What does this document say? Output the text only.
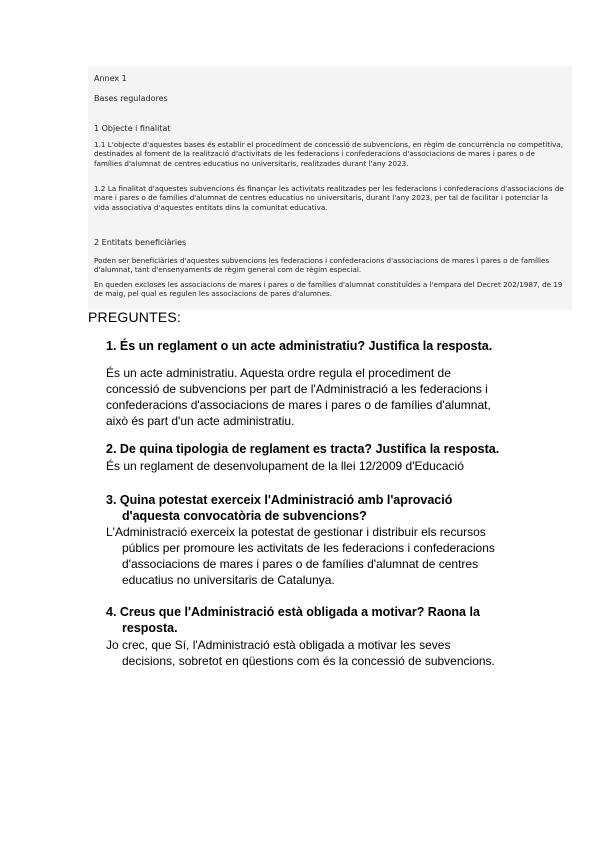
Annex 1
Bases reguladores
1 Objecte i finalitat

1.1 L'objecte d'aquestes bases és establir el procediment de concessió de subvencions, en règim de concurrència no competitiva, destinades al foment de la realització d'activitats de les federacions i confederacions d'associacions de mares i pares o de famílies d'alumnat de centres educatius no universitaris, realitzades durant l'any 2023.

1.2 La finalitat d'aquestes subvencions és finançar les activitats realitzades per les federacions i confederacions d'associacions de mare i pares o de famílies d'alumnat de centres educatius no universitaris, durant l'any 2023, per tal de facilitar i potenciar la vida associativa d'aquestes entitats dins la comunitat educativa.

2 Entitats beneficiàries

Poden ser beneficiàries d'aquestes subvencions les federacions i confederacions d'associacions de mares i pares o de famílies d'alumnat, tant d'ensenyaments de règim general com de règim especial.

En queden excloses les associacions de mares i pares o de famílies d'alumnat constituïdes a l'empara del Decret 202/1987, de 19 de maig, pel qual es regulen les associacions de pares d'alumnes.

PREGUNTES:
1. És un reglament o un acte administratiu? Justifica la resposta.
És un acte administratiu. Aquesta ordre regula el procediment de concessió de subvencions per part de l'Administració a les federacions i confederacions d'associacions de mares i pares o de famílies d'alumnat, això és part d'un acte administratiu.
2. De quina tipologia de reglament es tracta? Justifica la resposta.
És un reglament de desenvolupament de la llei 12/2009 d'Educació
3. Quina potestat exerceix l'Administració amb l'aprovació
d'aquesta convocatòria de subvencions?
L'Administració exerceix la potestat de gestionar i distribuir els recursos
públics per promoure les activitats de les federacions i confederacions d'associacions de mares i pares o de famílies d'alumnat de centres educatius no universitaris de Catalunya.
4. Creus que l'Administració està obligada a motivar? Raona la
resposta.
Jo crec, que Sí, l'Administració està obligada a motivar les seves
decisions, sobretot en qüestions com és la concessió de subvencions.
